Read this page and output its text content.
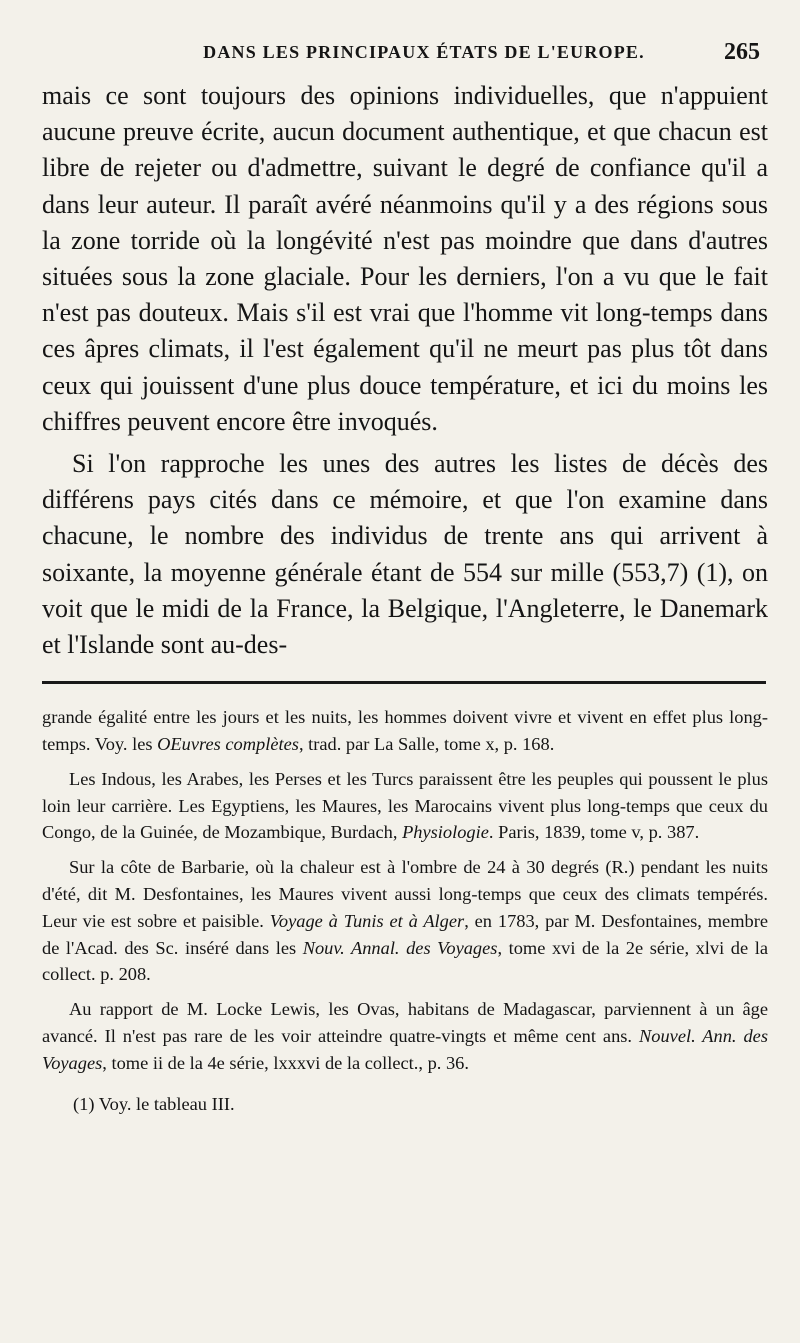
DANS LES PRINCIPAUX ÉTATS DE L'EUROPE.	265

mais ce sont toujours des opinions individuelles, que n'appuient aucune preuve écrite, aucun document authentique, et que chacun est libre de rejeter ou d'admettre, suivant le degré de confiance qu'il a dans leur auteur. Il paraît avéré néanmoins qu'il y a des régions sous la zone torride où la longévité n'est pas moindre que dans d'autres situées sous la zone glaciale. Pour les derniers, l'on a vu que le fait n'est pas douteux. Mais s'il est vrai que l'homme vit long-temps dans ces âpres climats, il l'est également qu'il ne meurt pas plus tôt dans ceux qui jouissent d'une plus douce température, et ici du moins les chiffres peuvent encore être invoqués.

Si l'on rapproche les unes des autres les listes de décès des différens pays cités dans ce mémoire, et que l'on examine dans chacune, le nombre des individus de trente ans qui arrivent à soixante, la moyenne générale étant de 554 sur mille (553,7) (1), on voit que le midi de la France, la Belgique, l'Angleterre, le Danemark et l'Islande sont au-des-

grande égalité entre les jours et les nuits, les hommes doivent vivre et vivent en effet plus long-temps. Voy. les OEuvres complètes, trad. par La Salle, tome x, p. 168.

Les Indous, les Arabes, les Perses et les Turcs paraissent être les peuples qui poussent le plus loin leur carrière. Les Egyptiens, les Maures, les Marocains vivent plus long-temps que ceux du Congo, de la Guinée, de Mozambique, Burdach, Physiologie. Paris, 1839, tome v, p. 387.

Sur la côte de Barbarie, où la chaleur est à l'ombre de 24 à 30 degrés (R.) pendant les nuits d'été, dit M. Desfontaines, les Maures vivent aussi long-temps que ceux des climats tempérés. Leur vie est sobre et paisible. Voyage à Tunis et à Alger, en 1783, par M. Desfontaines, membre de l'Acad. des Sc. inséré dans les Nouv. Annal. des Voyages, tome xvi de la 2e série, xlvi de la collect. p. 208.

Au rapport de M. Locke Lewis, les Ovas, habitans de Madagascar, parviennent à un âge avancé. Il n'est pas rare de les voir atteindre quatre-vingts et même cent ans. Nouvel. Ann. des Voyages, tome ii de la 4e série, lxxxvi de la collect., p. 36.

(1) Voy. le tableau III.
